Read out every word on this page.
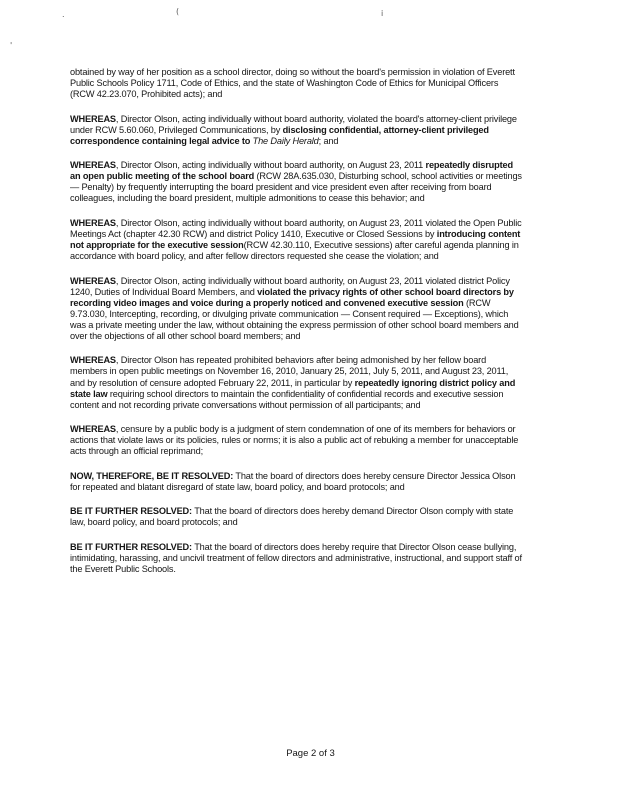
.	(	i
'

obtained by way of her position as a school director, doing so without the board's permission in violation of Everett Public Schools Policy 1711, Code of Ethics, and the state of Washington Code of Ethics for Municipal Officers (RCW 42.23.070, Prohibited acts); and

WHEREAS, Director Olson, acting individually without board authority, violated the board's attorney-client privilege under RCW 5.60.060, Privileged Communications, by disclosing confidential, attorney-client privileged correspondence containing legal advice to The Daily Herald; and

WHEREAS, Director Olson, acting individually without board authority, on August 23, 2011 repeatedly disrupted an open public meeting of the school board (RCW 28A.635.030, Disturbing school, school activities or meetings — Penalty) by frequently interrupting the board president and vice president even after receiving from board colleagues, including the board president, multiple admonitions to cease this behavior; and

WHEREAS, Director Olson, acting individually without board authority, on August 23, 2011 violated the Open Public Meetings Act (chapter 42.30 RCW) and district Policy 1410, Executive or Closed Sessions by introducing content not appropriate for the executive session(RCW 42.30.110, Executive sessions) after careful agenda planning in accordance with board policy, and after fellow directors requested she cease the violation; and

WHEREAS, Director Olson, acting individually without board authority, on August 23, 2011 violated district Policy 1240, Duties of Individual Board Members, and violated the privacy rights of other school board directors by recording video images and voice during a properly noticed and convened executive session (RCW 9.73.030, Intercepting, recording, or divulging private communication — Consent required — Exceptions), which was a private meeting under the law, without obtaining the express permission of other school board members and over the objections of all other school board members; and

WHEREAS, Director Olson has repeated prohibited behaviors after being admonished by her fellow board members in open public meetings on November 16, 2010, January 25, 2011, July 5, 2011, and August 23, 2011, and by resolution of censure adopted February 22, 2011, in particular by repeatedly ignoring district policy and state law requiring school directors to maintain the confidentiality of confidential records and executive session content and not recording private conversations without permission of all participants; and

WHEREAS, censure by a public body is a judgment of stern condemnation of one of its members for behaviors or actions that violate laws or its policies, rules or norms; it is also a public act of rebuking a member for unacceptable acts through an official reprimand;

NOW, THEREFORE, BE IT RESOLVED: That the board of directors does hereby censure Director Jessica Olson for repeated and blatant disregard of state law, board policy, and board protocols; and

BE IT FURTHER RESOLVED: That the board of directors does hereby demand Director Olson comply with state law, board policy, and board protocols; and

BE IT FURTHER RESOLVED: That the board of directors does hereby require that Director Olson cease bullying, intimidating, harassing, and uncivil treatment of fellow directors and administrative, instructional, and support staff of the Everett Public Schools.

Page 2 of 3
